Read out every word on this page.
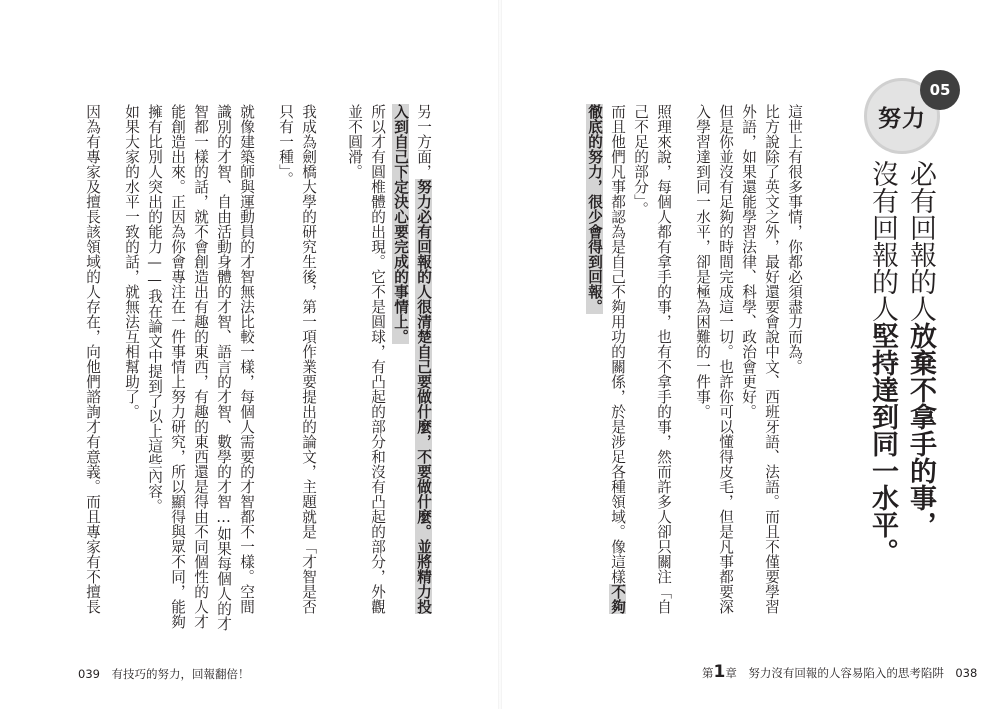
努力
05
必有回報的人放棄不拿手的事，
沒有回報的人堅持達到同一水平。
這世上有很多事情，你都必須盡力而為。
比方說除了英文之外，最好還要會說中文、西班牙語、法語。而且不僅要學習
外語，如果還能學習法律、科學、政治會更好。
但是你並沒有足夠的時間完成這一切。也許你可以懂得皮毛，但是凡事都要深
入學習達到同一水平，卻是極為困難的一件事。
照理來說，每個人都有拿手的事，也有不拿手的事，然而許多人卻只關注「自
己不足的部分」。
而且他們凡事都認為是自己不夠用功的關係，於是涉足各種領域。像這樣不夠
徹底的努力，很少會得到回報。
另一方面，努力必有回報的人很清楚自己要做什麼，不要做什麼。並將精力投
入到自己下定決心要完成的事情上。
所以才有圓椎體的出現。它不是圓球，有凸起的部分和沒有凸起的部分，外觀
並不圓滑。
我成為劍橋大學的研究生後，第一項作業要提出的論文，主題就是「才智是否
只有一種」。
就像建築師與運動員的才智無法比較一樣，每個人需要的才智都不一樣。空間
識別的才智、自由活動身體的才智、語言的才智、數學的才智…如果每個人的才
智都一樣的話，就不會創造出有趣的東西，有趣的東西還是得由不同個性的人才
能創造出來。正因為你會專注在一件事情上努力研究，所以顯得與眾不同，能夠
擁有比別人突出的能力——我在論文中提到了以上這些內容。
如果大家的水平一致的話，就無法互相幫助了。
因為有專家及擅長該領域的人存在，向他們諮詢才有意義。而且專家有不擅長
039　有技巧的努力，回報翻倍！	第1章　努力沒有回報的人容易陷入的思考陷阱　038
